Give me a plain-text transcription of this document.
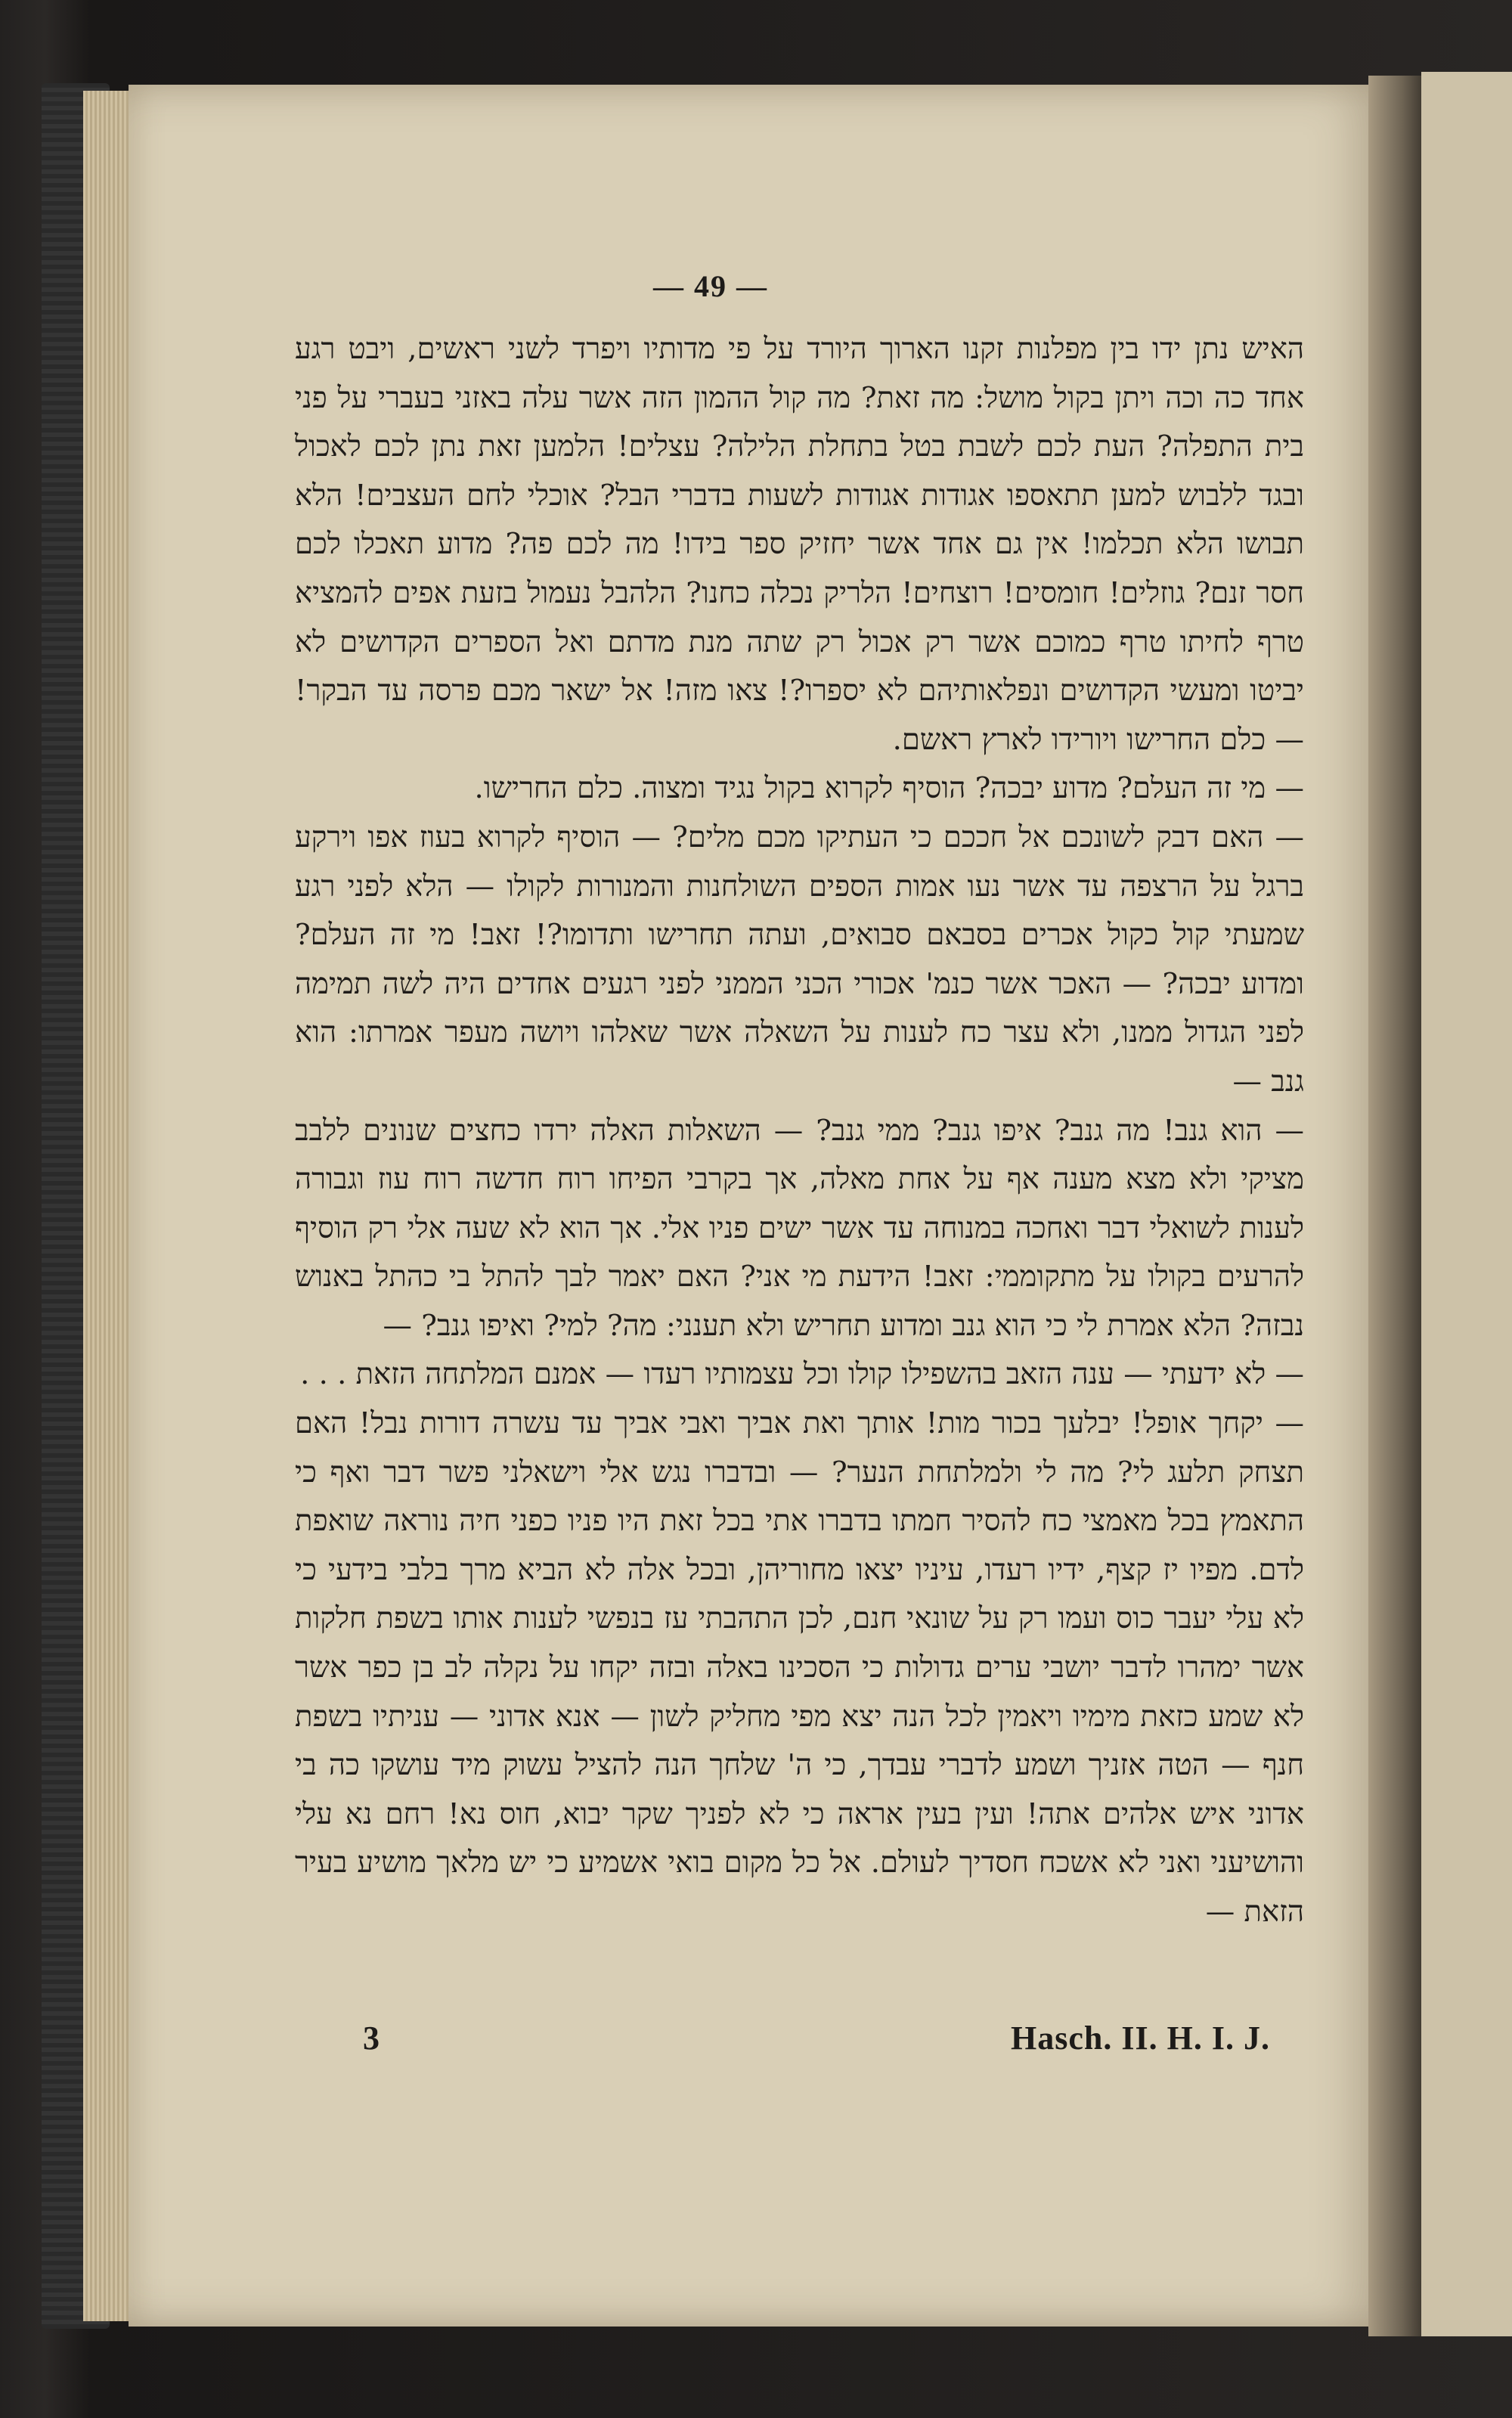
— 49 —

האיש נתן ידו בין מפלנות זקנו הארוך היורד על פי מדותיו ויפרד לשני ראשים, ויבט רגע אחד כה וכה ויתן בקול מושל: מה זאת? מה קול ההמון הזה אשר עלה באזני בעברי על פני בית התפלה? העת לכם לשבת בטל בתחלת הלילה? עצלים! הלמען זאת נתן לכם לאכול ובגד ללבוש למען תתאספו אגודות אגודות לשעות בדברי הבל? אוכלי לחם העצבים! הלא תבושו הלא תכלמו! אין גם אחד אשר יחזיק ספר בידו! מה לכם פה? מדוע תאכלו לכם חסר זנם? גוזלים! חומסים! רוצחים! הלריק נכלה כחנו? הלהבל נעמול בזעת אפים להמציא טרף לחיתו טרף כמוכם אשר רק אכול רק שתה מנת מדתם ואל הספרים הקדושים לא יביטו ומעשי הקדושים ונפלאותיהם לא יספרו?! צאו מזה! אל ישאר מכם פרסה עד הבקר! — כלם החרישו ויורידו לארץ ראשם.

— מי זה העלם? מדוע יבכה? הוסיף לקרוא בקול נגיד ומצוה. כלם החרישו.

— האם דבק לשונכם אל חככם כי העתיקו מכם מלים? — הוסיף לקרוא בעוז אפו וירקע ברגל על הרצפה עד אשר נעו אמות הספים השולחנות והמנורות לקולו — הלא לפני רגע שמעתי קול כקול אכרים בסבאם סבואים, ועתה תחרישו ותדומו?! זאב! מי זה העלם? ומדוע יבכה? — האכר אשר כנמ' אכורי הכני הממני לפני רגעים אחדים היה לשה תמימה לפני הגדול ממנו, ולא עצר כח לענות על השאלה אשר שאלהו ויושה מעפר אמרתו: הוא גנב —

— הוא גנב! מה גנב? איפו גנב? ממי גנב? — השאלות האלה ירדו כחצים שנונים ללבב מציקי ולא מצא מענה אף על אחת מאלה, אך בקרבי הפיחו רוח חדשה רוח עוז וגבורה לענות לשואלי דבר ואחכה במנוחה עד אשר ישים פניו אלי. אך הוא לא שעה אלי רק הוסיף להרעים בקולו על מתקוממי: זאב! הידעת מי אני? האם יאמר לבך להתל בי כהתל באנוש נבזה? הלא אמרת לי כי הוא גנב ומדוע תחריש ולא תענני: מה? למי? ואיפו גנב? —

— לא ידעתי — ענה הזאב בהשפילו קולו וכל עצמותיו רעדו — אמנם המלתחה הזאת . . .

— יקחך אופל! יבלעך בכור מות! אותך ואת אביך ואבי אביך עד עשרה דורות נבל! האם תצחק תלעג לי? מה לי ולמלתחת הנער? — ובדברו נגש אלי וישאלני פשר דבר ואף כי התאמץ בכל מאמצי כח להסיר חמתו בדברו אתי בכל זאת היו פניו כפני חיה נוראה שואפת לדם. מפיו יז קצף, ידיו רעדו, עיניו יצאו מחוריהן, ובכל אלה לא הביא מרך בלבי בידעי כי לא עלי יעבר כוס ועמו רק על שונאי חנם, לכן התהבתי עז בנפשי לענות אותו בשפת חלקות אשר ימהרו לדבר יושבי ערים גדולות כי הסכינו באלה ובזה יקחו על נקלה לב בן כפר אשר לא שמע כזאת מימיו ויאמין לכל הנה יצא מפי מחליק לשון — אנא אדוני — עניתיו בשפת חנף — הטה אזניך ושמע לדברי עבדך, כי ה' שלחך הנה להציל עשוק מיד עושקו כה בי אדוני איש אלהים אתה! ועין בעין אראה כי לא לפניך שקר יבוא, חוס נא! רחם נא עלי והושיעני ואני לא אשכח חסדיך לעולם. אל כל מקום בואי אשמיע כי יש מלאך מושיע בעיר הזאת —

3	Hasch. II. H. I. J.
